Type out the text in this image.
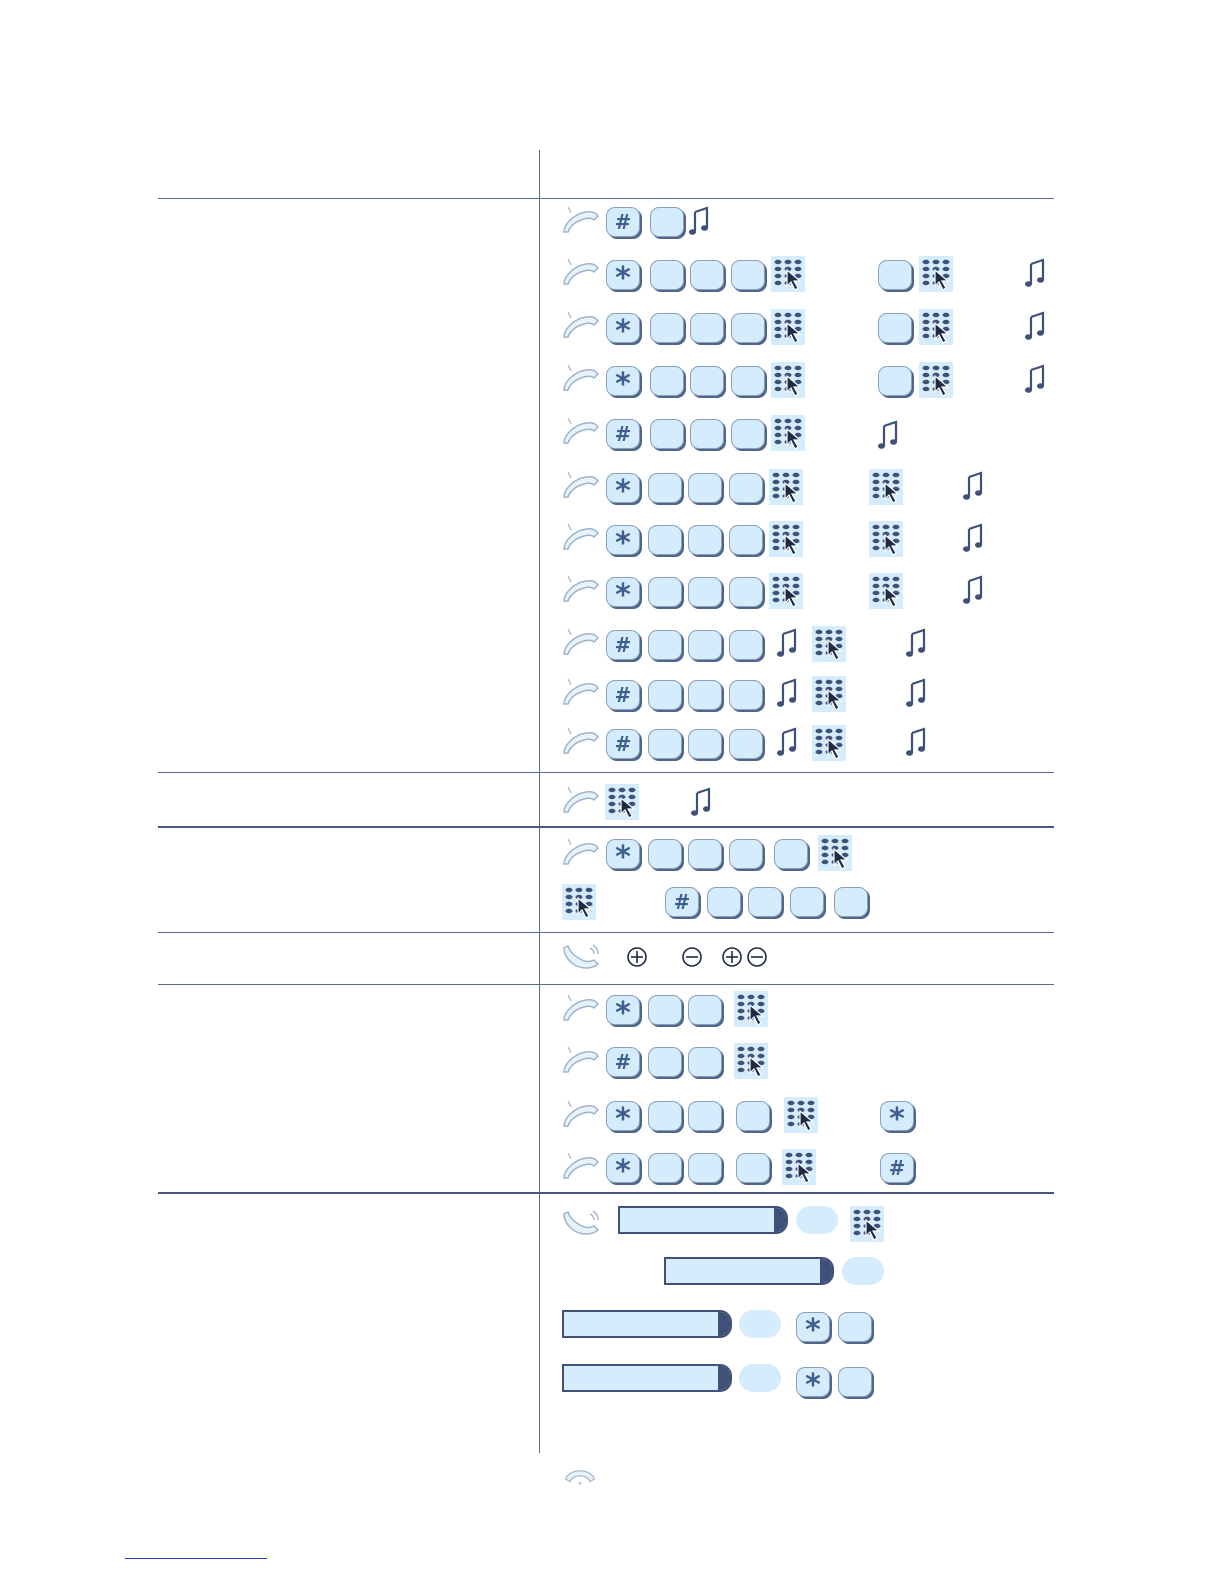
#
*
*
*
#
*
*
*
#
#
#
*
#
*
#
*	*
*	#
*
*
